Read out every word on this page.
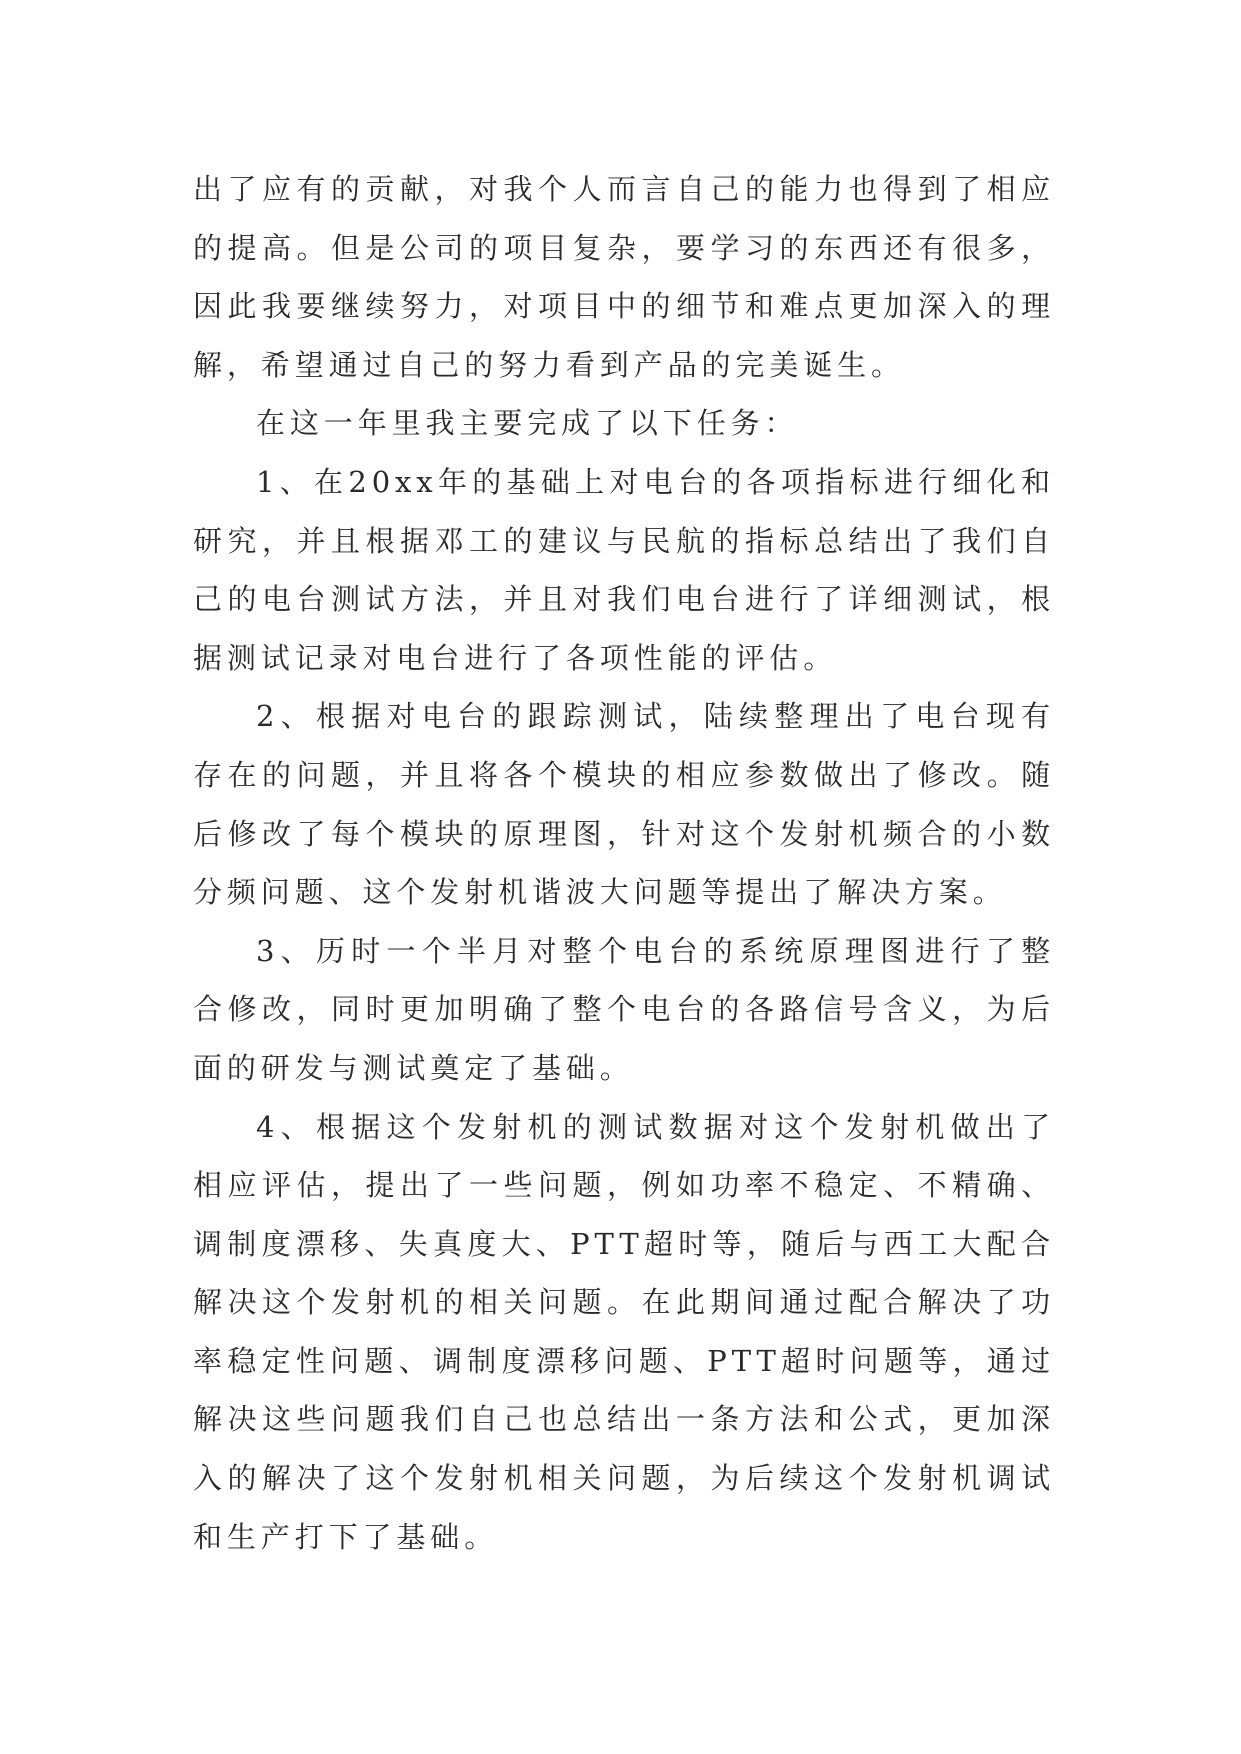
出了应有的贡献，对我个人而言自己的能力也得到了相应的提高。但是公司的项目复杂，要学习的东西还有很多，因此我要继续努力，对项目中的细节和难点更加深入的理解，希望通过自己的努力看到产品的完美诞生。

在这一年里我主要完成了以下任务：

1、在20xx年的基础上对电台的各项指标进行细化和研究，并且根据邓工的建议与民航的指标总结出了我们自己的电台测试方法，并且对我们电台进行了详细测试，根据测试记录对电台进行了各项性能的评估。

2、根据对电台的跟踪测试，陆续整理出了电台现有存在的问题，并且将各个模块的相应参数做出了修改。随后修改了每个模块的原理图，针对这个发射机频合的小数分频问题、这个发射机谐波大问题等提出了解决方案。

3、历时一个半月对整个电台的系统原理图进行了整合修改，同时更加明确了整个电台的各路信号含义，为后面的研发与测试奠定了基础。

4、根据这个发射机的测试数据对这个发射机做出了相应评估，提出了一些问题，例如功率不稳定、不精确、调制度漂移、失真度大、PTT超时等，随后与西工大配合解决这个发射机的相关问题。在此期间通过配合解决了功率稳定性问题、调制度漂移问题、PTT超时问题等，通过解决这些问题我们自己也总结出一条方法和公式，更加深入的解决了这个发射机相关问题，为后续这个发射机调试和生产打下了基础。
